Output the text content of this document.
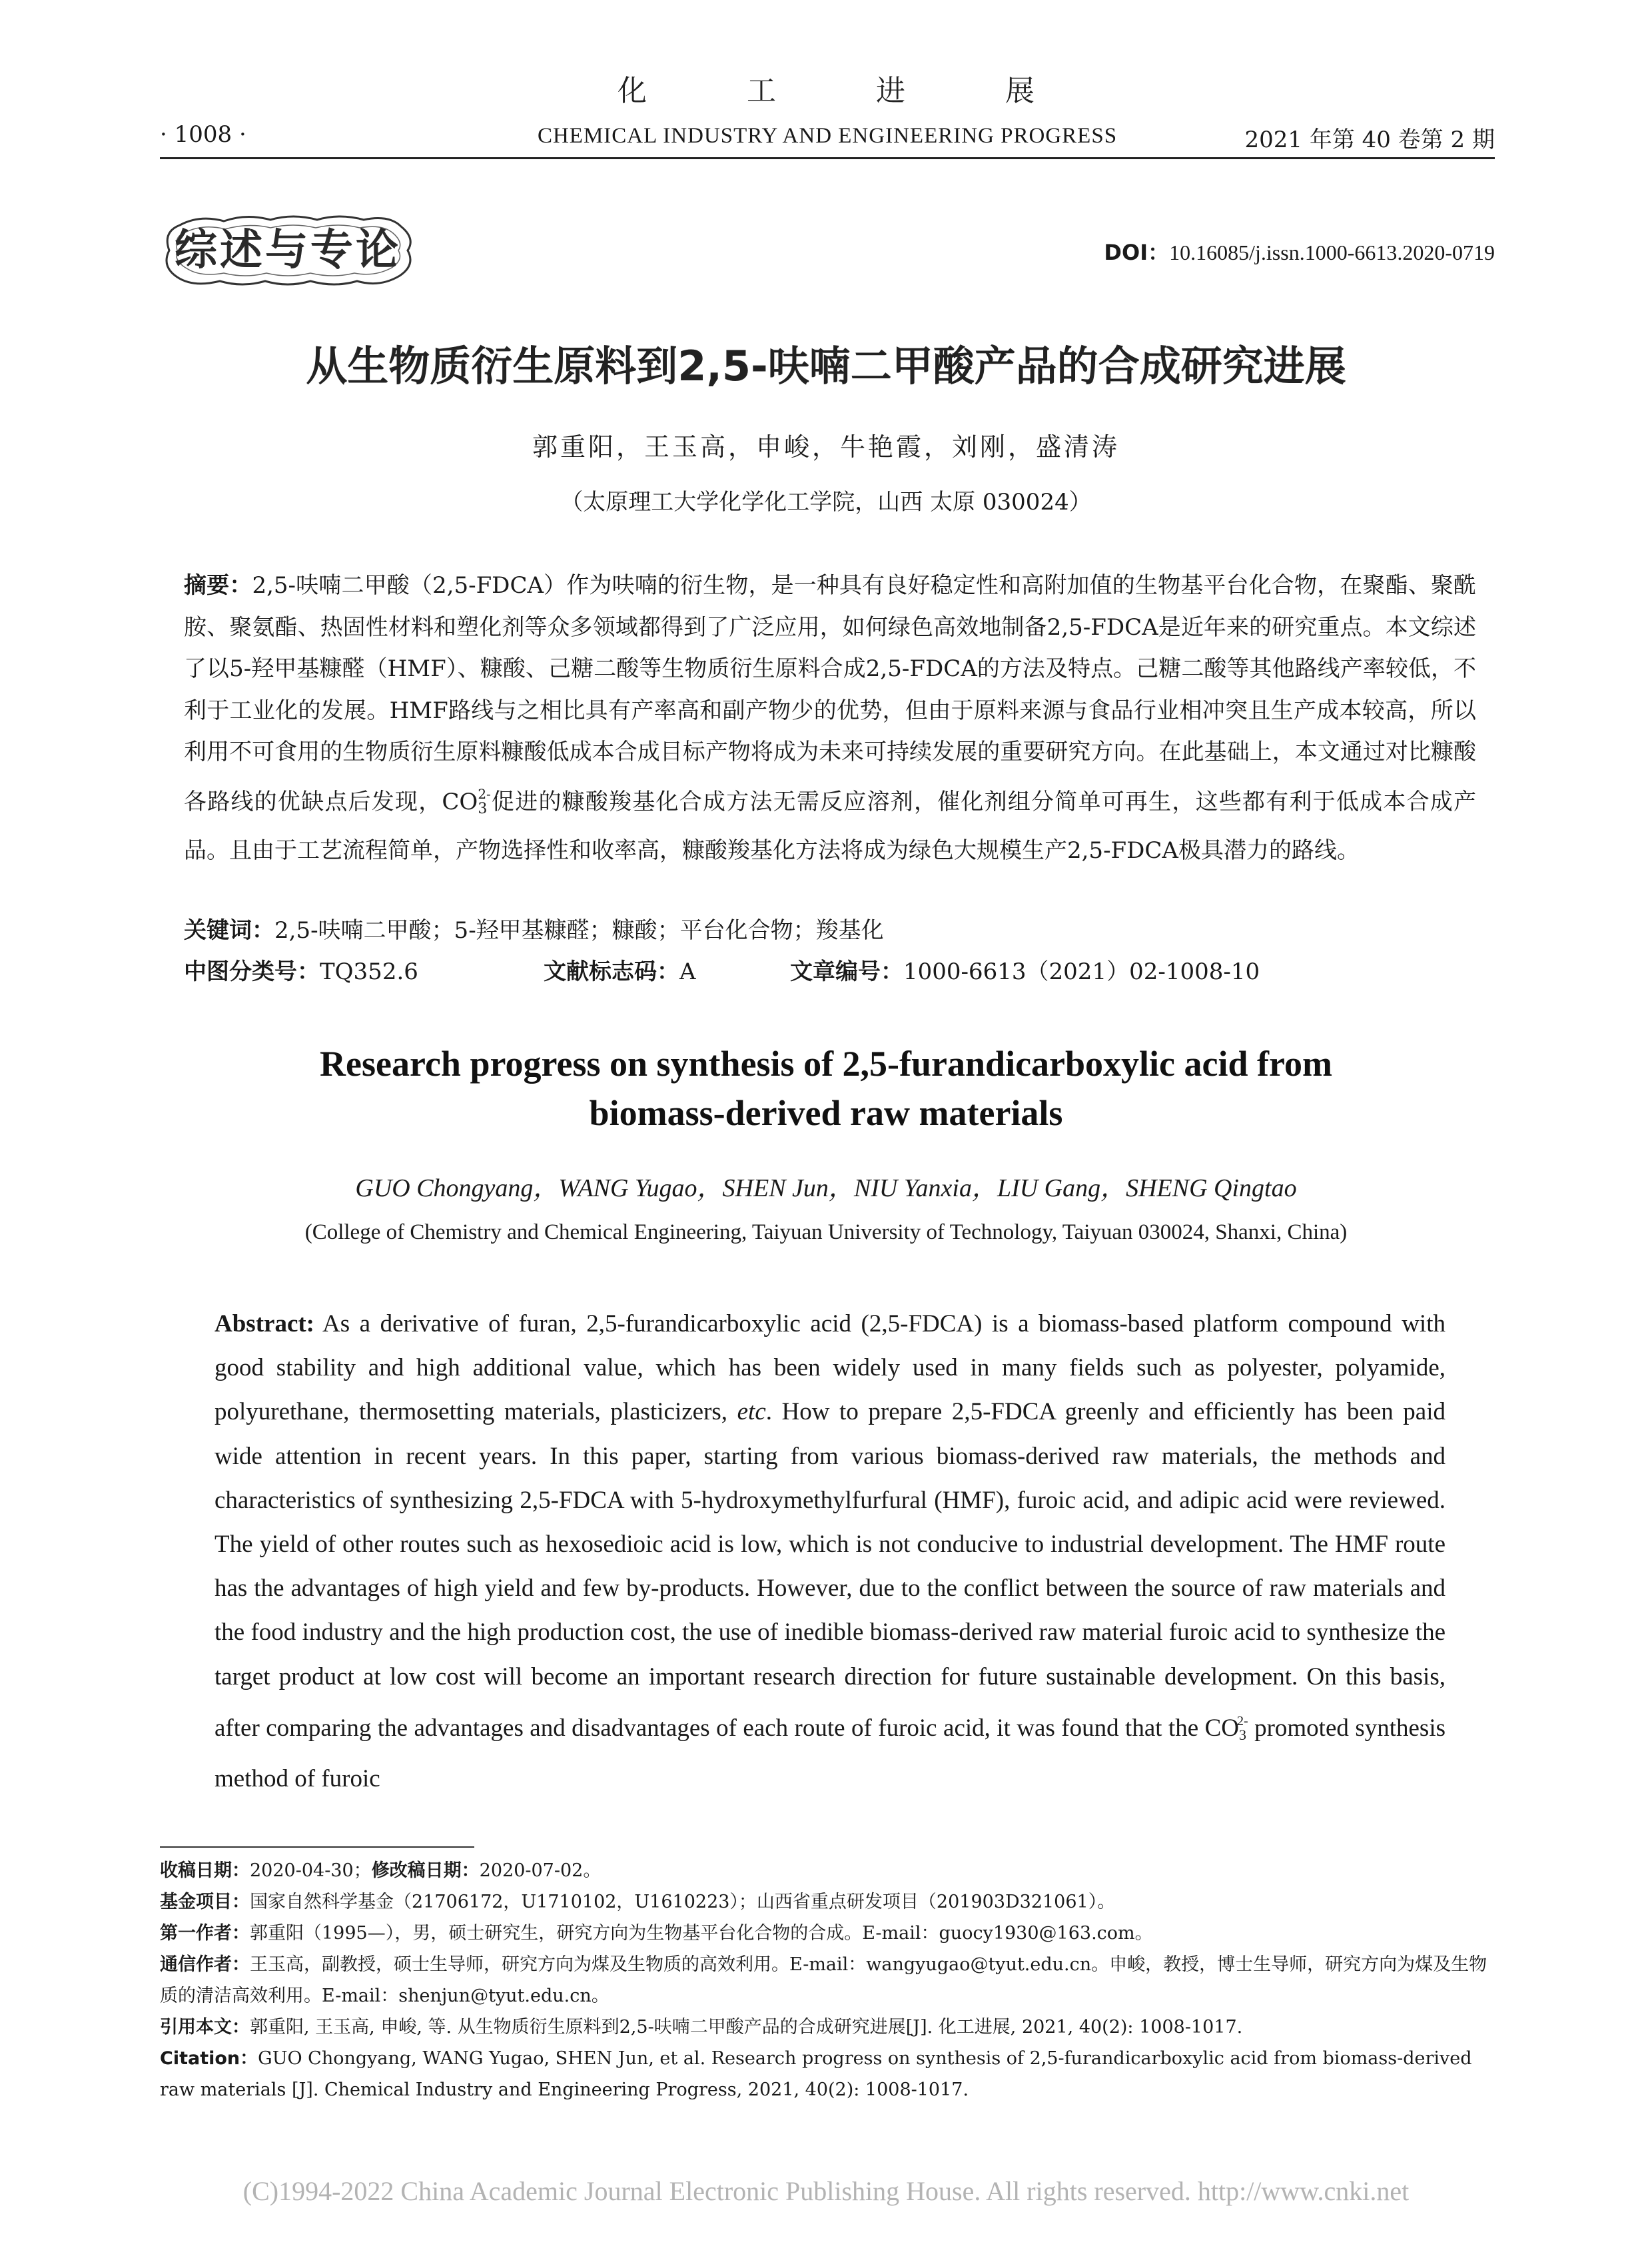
化 工 进 展
· 1008 ·	CHEMICAL INDUSTRY AND ENGINEERING PROGRESS	2021 年第 40 卷第 2 期
综述与专论	DOI：10.16085/j.issn.1000-6613.2020-0719
从生物质衍生原料到2,5-呋喃二甲酸产品的合成研究进展
郭重阳，王玉高，申峻，牛艳霞，刘刚，盛清涛
（太原理工大学化学化工学院，山西 太原 030024）
摘要：2,5-呋喃二甲酸（2,5-FDCA）作为呋喃的衍生物，是一种具有良好稳定性和高附加值的生物基平台化合物，在聚酯、聚酰胺、聚氨酯、热固性材料和塑化剂等众多领域都得到了广泛应用，如何绿色高效地制备2,5-FDCA是近年来的研究重点。本文综述了以5-羟甲基糠醛（HMF）、糠酸、己糖二酸等生物质衍生原料合成2,5-FDCA的方法及特点。己糖二酸等其他路线产率较低，不利于工业化的发展。HMF路线与之相比具有产率高和副产物少的优势，但由于原料来源与食品行业相冲突且生产成本较高，所以利用不可食用的生物质衍生原料糠酸低成本合成目标产物将成为未来可持续发展的重要研究方向。在此基础上，本文通过对比糠酸各路线的优缺点后发现，$CO_3^{2-}$促进的糠酸羧基化合成方法无需反应溶剂，催化剂组分简单可再生，这些都有利于低成本合成产品。且由于工艺流程简单，产物选择性和收率高，糠酸羧基化方法将成为绿色大规模生产2,5-FDCA极具潜力的路线。
关键词：2,5-呋喃二甲酸；5-羟甲基糠醛；糠酸；平台化合物；羧基化
中图分类号：TQ352.6	文献标志码：A	文章编号：1000-6613（2021）02-1008-10
Research progress on synthesis of 2,5-furandicarboxylic acid from
biomass-derived raw materials
GUO Chongyang，WANG Yugao，SHEN Jun，NIU Yanxia，LIU Gang，SHENG Qingtao
(College of Chemistry and Chemical Engineering, Taiyuan University of Technology, Taiyuan 030024, Shanxi, China)
Abstract: As a derivative of furan, 2,5-furandicarboxylic acid (2,5-FDCA) is a biomass-based platform compound with good stability and high additional value, which has been widely used in many fields such as polyester, polyamide, polyurethane, thermosetting materials, plasticizers, etc. How to prepare 2,5-FDCA greenly and efficiently has been paid wide attention in recent years. In this paper, starting from various biomass-derived raw materials, the methods and characteristics of synthesizing 2,5-FDCA with 5-hydroxymethylfurfural (HMF), furoic acid, and adipic acid were reviewed. The yield of other routes such as hexosedioic acid is low, which is not conducive to industrial development. The HMF route has the advantages of high yield and few by-products. However, due to the conflict between the source of raw materials and the food industry and the high production cost, the use of inedible biomass-derived raw material furoic acid to synthesize the target product at low cost will become an important research direction for future sustainable development. On this basis, after comparing the advantages and disadvantages of each route of furoic acid, it was found that the $CO_3^{2-}$ promoted synthesis method of furoic
收稿日期：2020-04-30；修改稿日期：2020-07-02。
基金项目：国家自然科学基金（21706172，U1710102，U1610223）；山西省重点研发项目（201903D321061）。
第一作者：郭重阳（1995—），男，硕士研究生，研究方向为生物基平台化合物的合成。E-mail：guocy1930@163.com。
通信作者：王玉高，副教授，硕士生导师，研究方向为煤及生物质的高效利用。E-mail：wangyugao@tyut.edu.cn。申峻，教授，博士生导师，研究方向为煤及生物质的清洁高效利用。E-mail：shenjun@tyut.edu.cn。
引用本文：郭重阳, 王玉高, 申峻, 等. 从生物质衍生原料到2,5-呋喃二甲酸产品的合成研究进展[J]. 化工进展, 2021, 40(2): 1008-1017.
Citation：GUO Chongyang, WANG Yugao, SHEN Jun, et al. Research progress on synthesis of 2,5-furandicarboxylic acid from biomass-derived raw materials [J]. Chemical Industry and Engineering Progress, 2021, 40(2): 1008-1017.
(C)1994-2022 China Academic Journal Electronic Publishing House. All rights reserved. http://www.cnki.net
